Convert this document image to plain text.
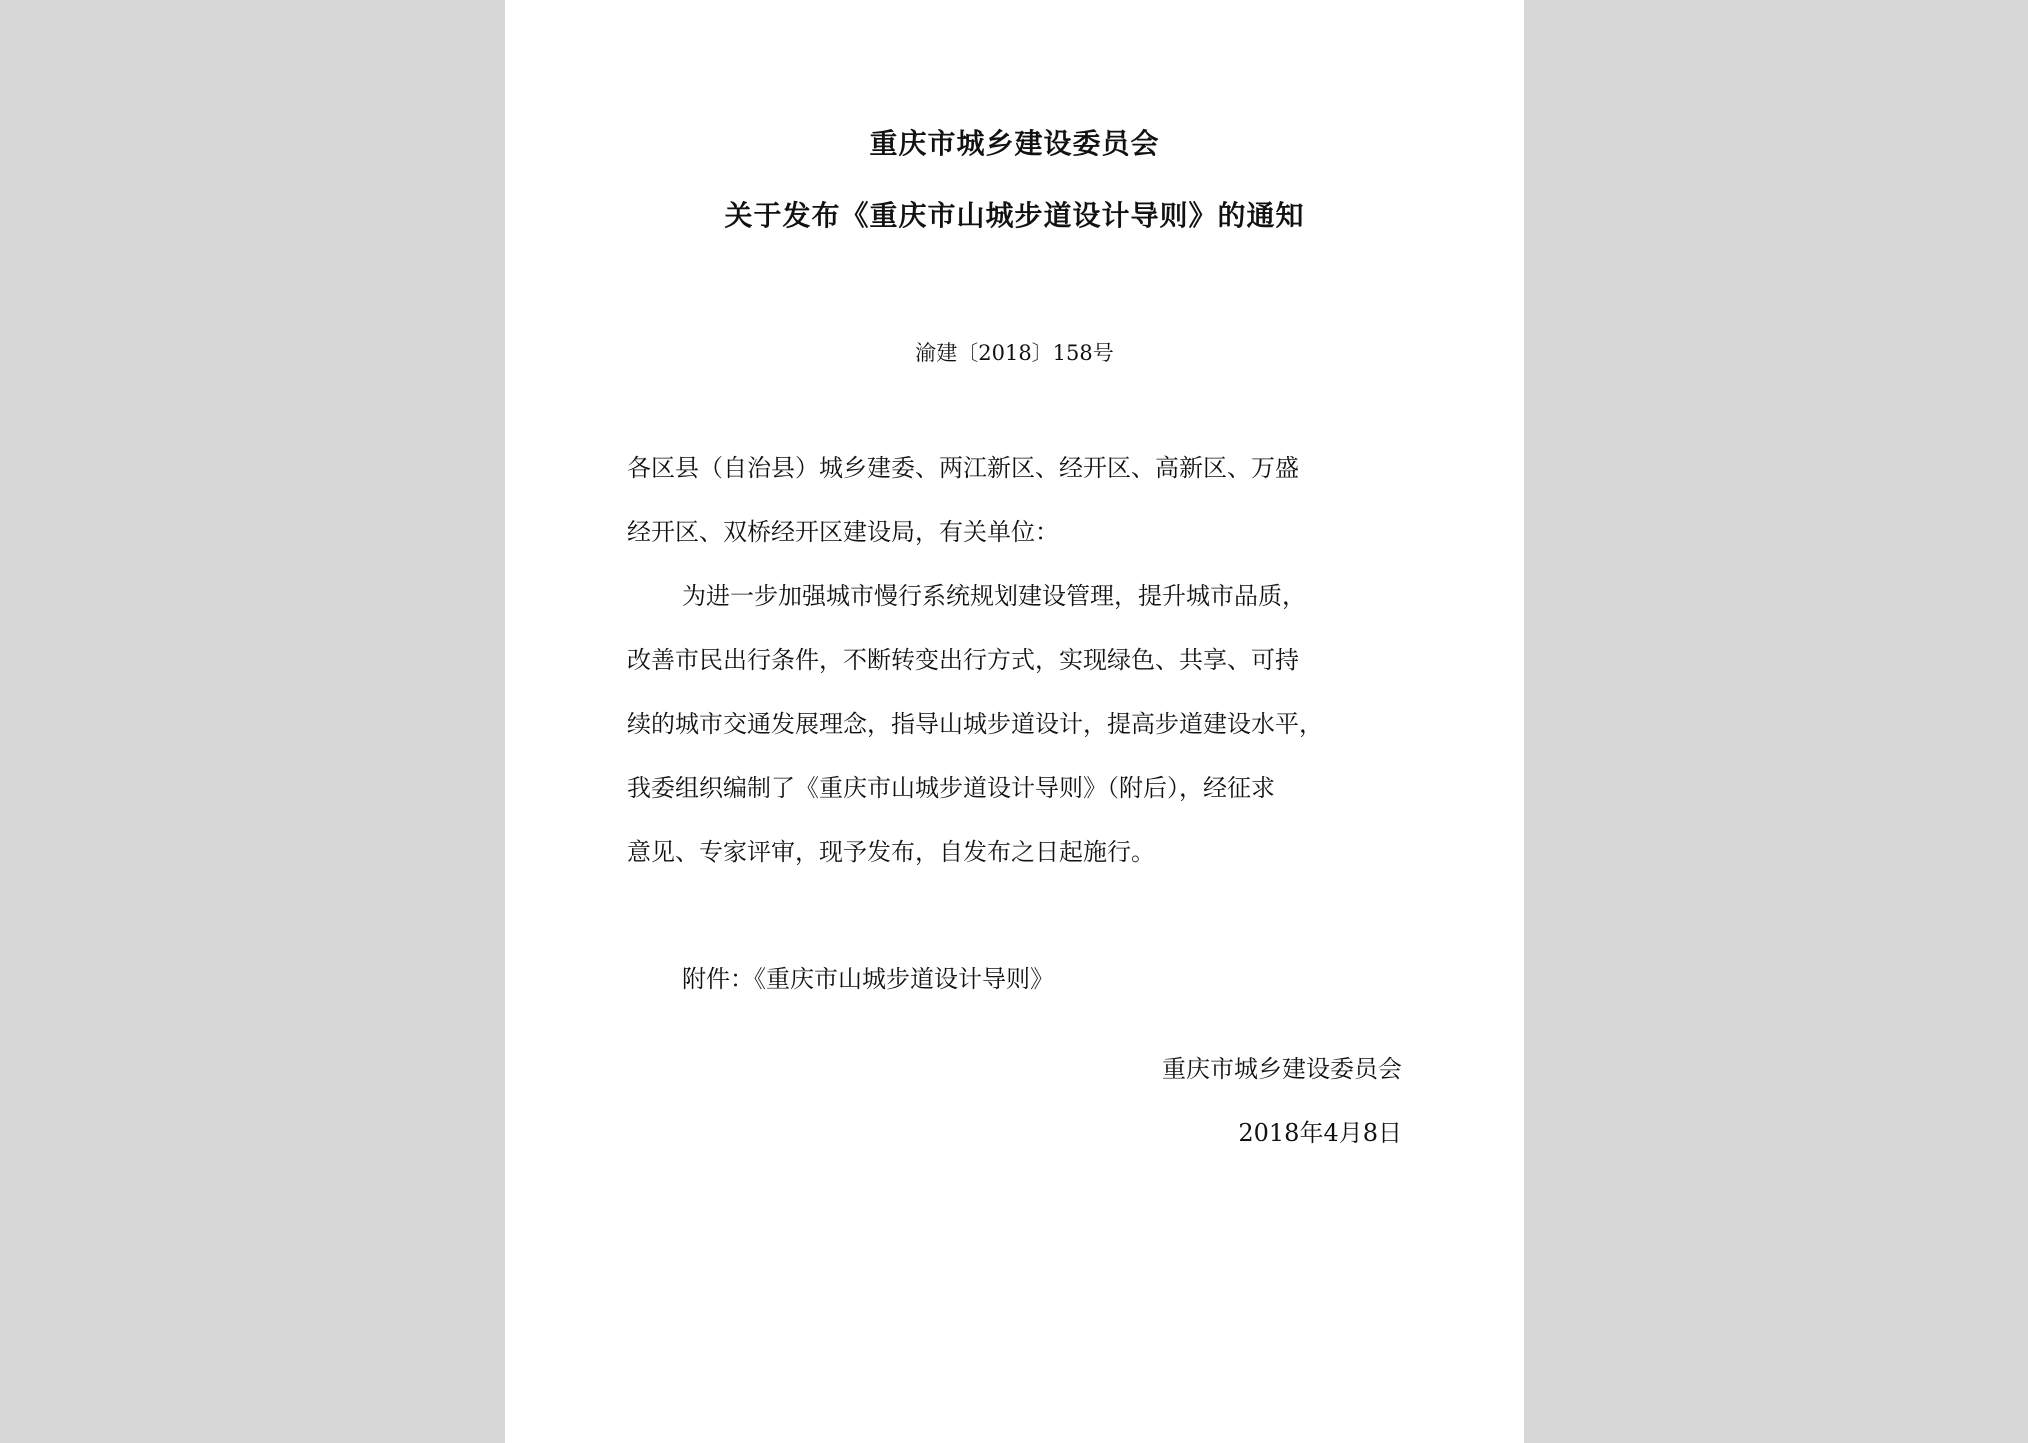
重庆市城乡建设委员会
关于发布《重庆市山城步道设计导则》的通知
渝建〔2018〕158号
各区县（自治县）城乡建委、两江新区、经开区、高新区、万盛
经开区、双桥经开区建设局，有关单位：
为进一步加强城市慢行系统规划建设管理，提升城市品质，
改善市民出行条件，不断转变出行方式，实现绿色、共享、可持
续的城市交通发展理念，指导山城步道设计，提高步道建设水平，
我委组织编制了《重庆市山城步道设计导则》（附后），经征求
意见、专家评审，现予发布，自发布之日起施行。
附件：《重庆市山城步道设计导则》
重庆市城乡建设委员会
2018年4月8日
